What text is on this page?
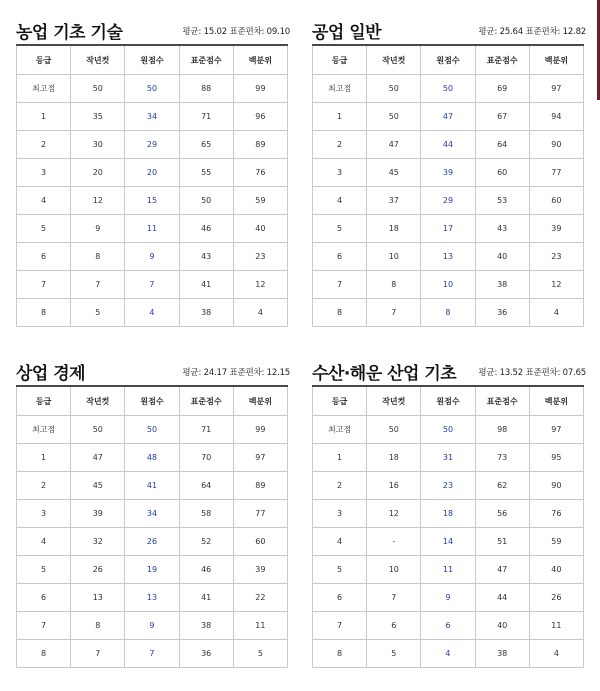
농업 기초 기술	평균: 15.02 표준편차: 09.10
등급	작년컷	원점수	표준점수	백분위
최고점	50	50	88	99
1	35	34	71	96
2	30	29	65	89
3	20	20	55	76
4	12	15	50	59
5	9	11	46	40
6	8	9	43	23
7	7	7	41	12
8	5	4	38	4
공업 일반	평균: 25.64 표준편차: 12.82
등급	작년컷	원점수	표준점수	백분위
최고점	50	50	69	97
1	50	47	67	94
2	47	44	64	90
3	45	39	60	77
4	37	29	53	60
5	18	17	43	39
6	10	13	40	23
7	8	10	38	12
8	7	8	36	4
상업 경제	평균: 24.17 표준편차: 12.15
등급	작년컷	원점수	표준점수	백분위
최고점	50	50	71	99
1	47	48	70	97
2	45	41	64	89
3	39	34	58	77
4	32	26	52	60
5	26	19	46	39
6	13	13	41	22
7	8	9	38	11
8	7	7	36	5
수산·해운 산업 기초	평균: 13.52 표준편차: 07.65
등급	작년컷	원점수	표준점수	백분위
최고점	50	50	98	97
1	18	31	73	95
2	16	23	62	90
3	12	18	56	76
4	-	14	51	59
5	10	11	47	40
6	7	9	44	26
7	6	6	40	11
8	5	4	38	4
